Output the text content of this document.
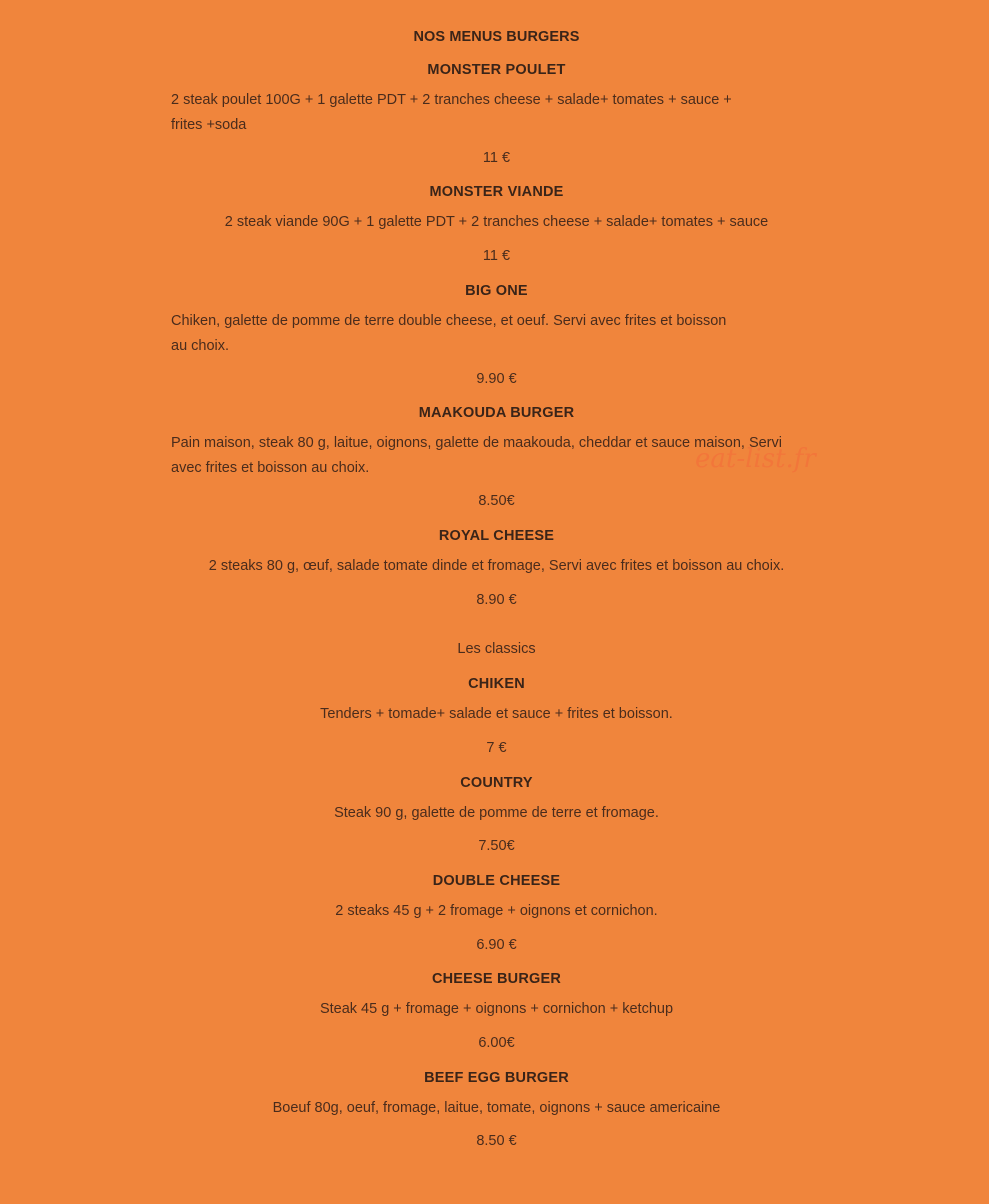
NOS MENUS BURGERS
MONSTER POULET
2 steak poulet 100G + 1 galette PDT + 2 tranches cheese + salade+ tomates + sauce +
frites +soda
11 €
MONSTER VIANDE
2 steak viande 90G + 1 galette PDT + 2 tranches cheese + salade+ tomates + sauce
11 €
BIG ONE
Chiken, galette de pomme de terre double cheese, et oeuf. Servi avec frites et boisson
au choix.
9.90 €
MAAKOUDA BURGER
Pain maison, steak 80 g, laitue, oignons, galette de maakouda, cheddar et sauce maison, Servi
avec frites et boisson au choix.
8.50€
ROYAL CHEESE
2 steaks 80 g, œuf, salade tomate dinde et fromage, Servi avec frites et boisson au choix.
8.90 €
Les classics
CHIKEN
Tenders + tomade+ salade et sauce + frites et boisson.
7 €
COUNTRY
Steak 90 g, galette de pomme de terre et fromage.
7.50€
DOUBLE CHEESE
2 steaks 45 g + 2 fromage + oignons et cornichon.
6.90 €
CHEESE BURGER
Steak 45 g + fromage + oignons + cornichon + ketchup
6.00€
BEEF EGG BURGER
Boeuf 80g, oeuf, fromage, laitue, tomate, oignons + sauce americaine
8.50 €
eat-list.fr
